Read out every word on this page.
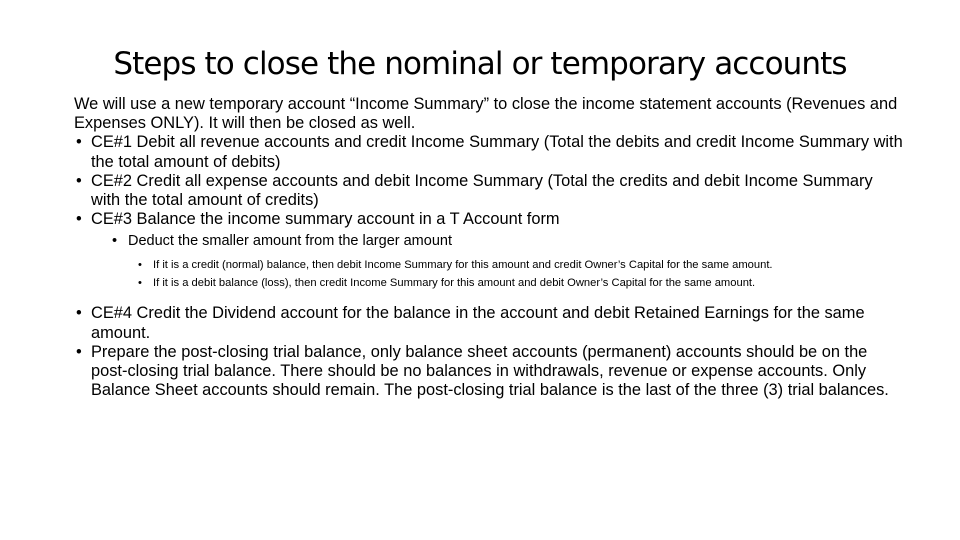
Steps to close the nominal or temporary accounts

We will use a new temporary account “Income Summary” to close the income statement accounts (Revenues and Expenses ONLY). It will then be closed as well.

• CE#1 Debit all revenue accounts and credit Income Summary (Total the debits and credit Income Summary with the total amount of debits)
• CE#2 Credit all expense accounts and debit Income Summary (Total the credits and debit Income Summary with the total amount of credits)
• CE#3 Balance the income summary account in a T Account form
• Deduct the smaller amount from the larger amount
• If it is a credit (normal) balance, then debit Income Summary for this amount and credit Owner’s Capital for the same amount.
• If it is a debit balance (loss), then credit Income Summary for this amount and debit Owner’s Capital for the same amount.
• CE#4 Credit the Dividend account for the balance in the account and debit Retained Earnings for the same amount.
• Prepare the post-closing trial balance, only balance sheet accounts (permanent) accounts should be on the post-closing trial balance. There should be no balances in withdrawals, revenue or expense accounts. Only Balance Sheet accounts should remain. The post-closing trial balance is the last of the three (3) trial balances.
